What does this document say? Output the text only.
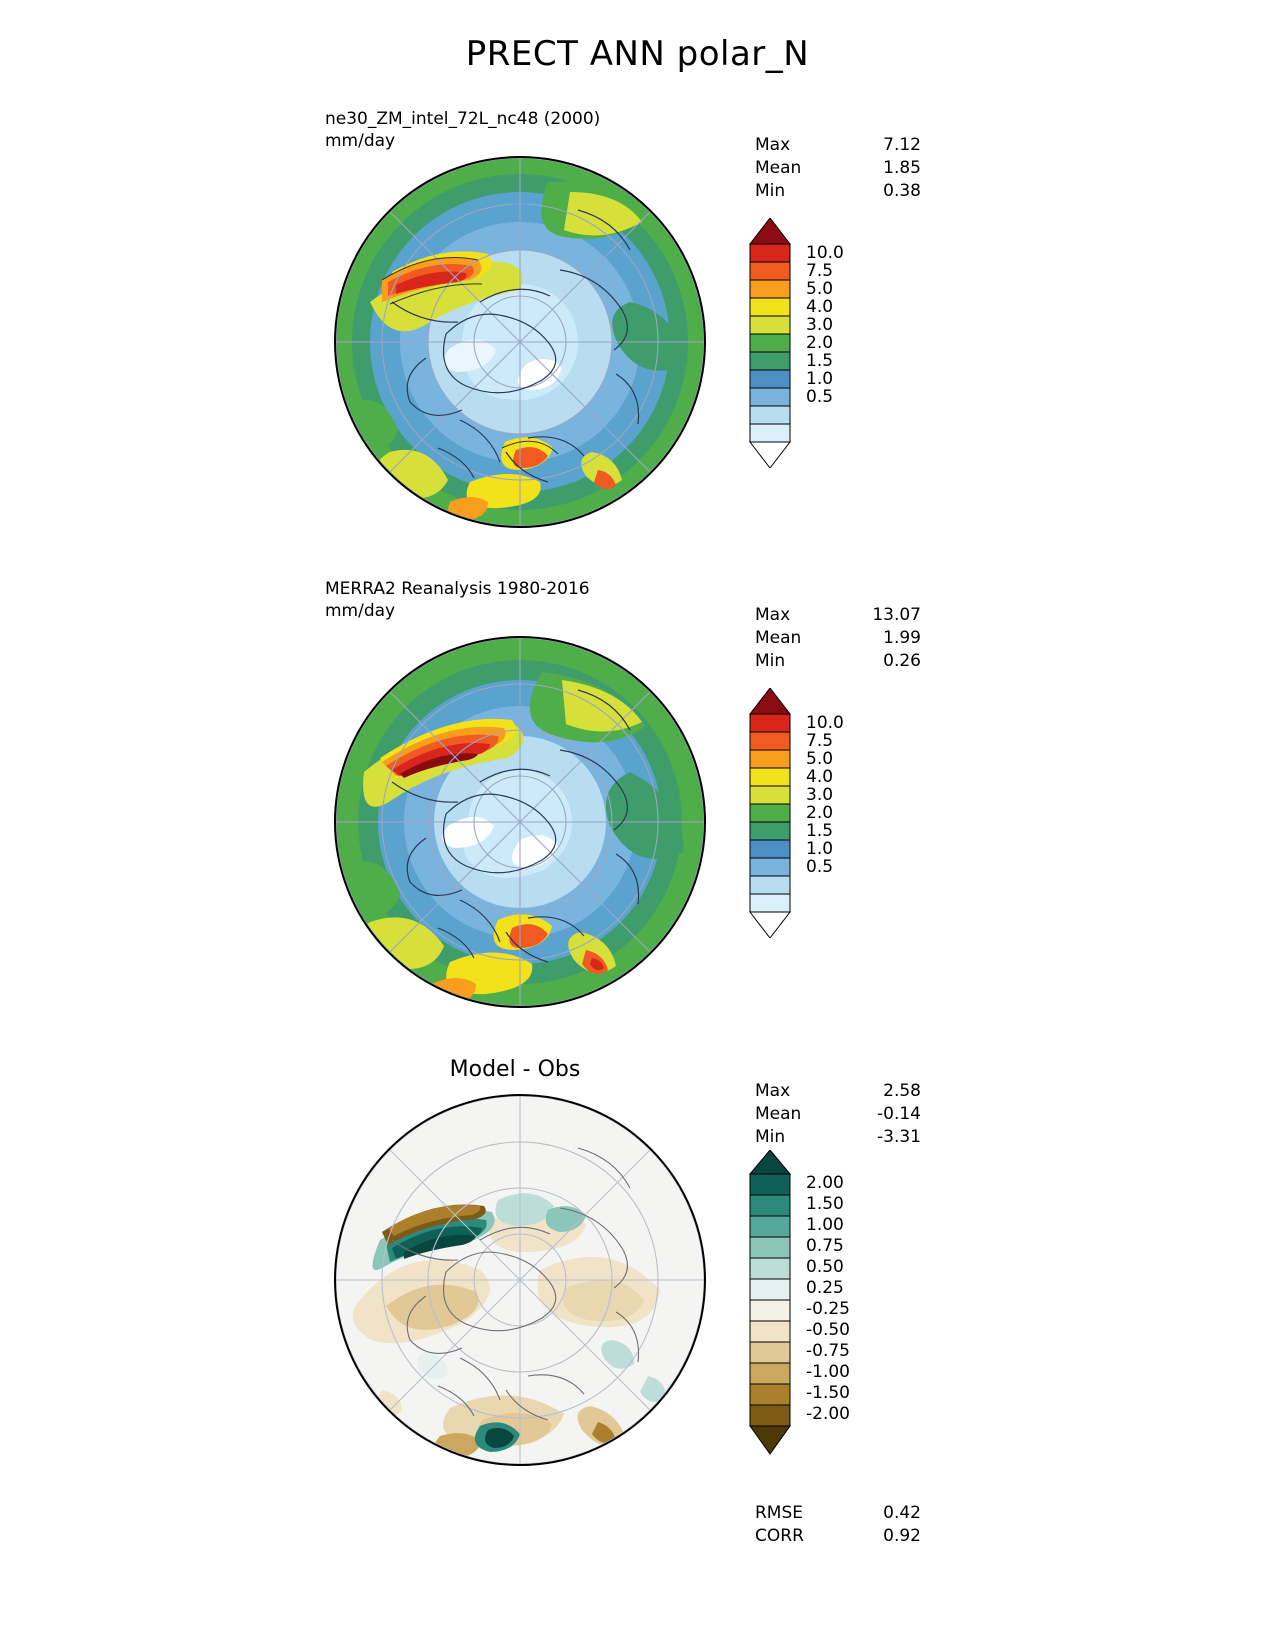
PRECT ANN polar_N
ne30_ZM_intel_72L_nc48 (2000)
mm/day	Max	7.12
Mean	1.85
Min	0.38
10.0
7.5
5.0
4.0
3.0
2.0
1.5
1.0
0.5
MERRA2 Reanalysis 1980-2016
mm/day	Max	13.07
Mean	1.99
Min	0.26
10.0
7.5
5.0
4.0
3.0
2.0
1.5
1.0
0.5
Model - Obs
Max	2.58
Mean	-0.14
Min	-3.31
2.00
1.50
1.00
0.75
0.50
0.25
-0.25
-0.50
-0.75
-1.00
-1.50
-2.00
RMSE	0.42
CORR	0.92
